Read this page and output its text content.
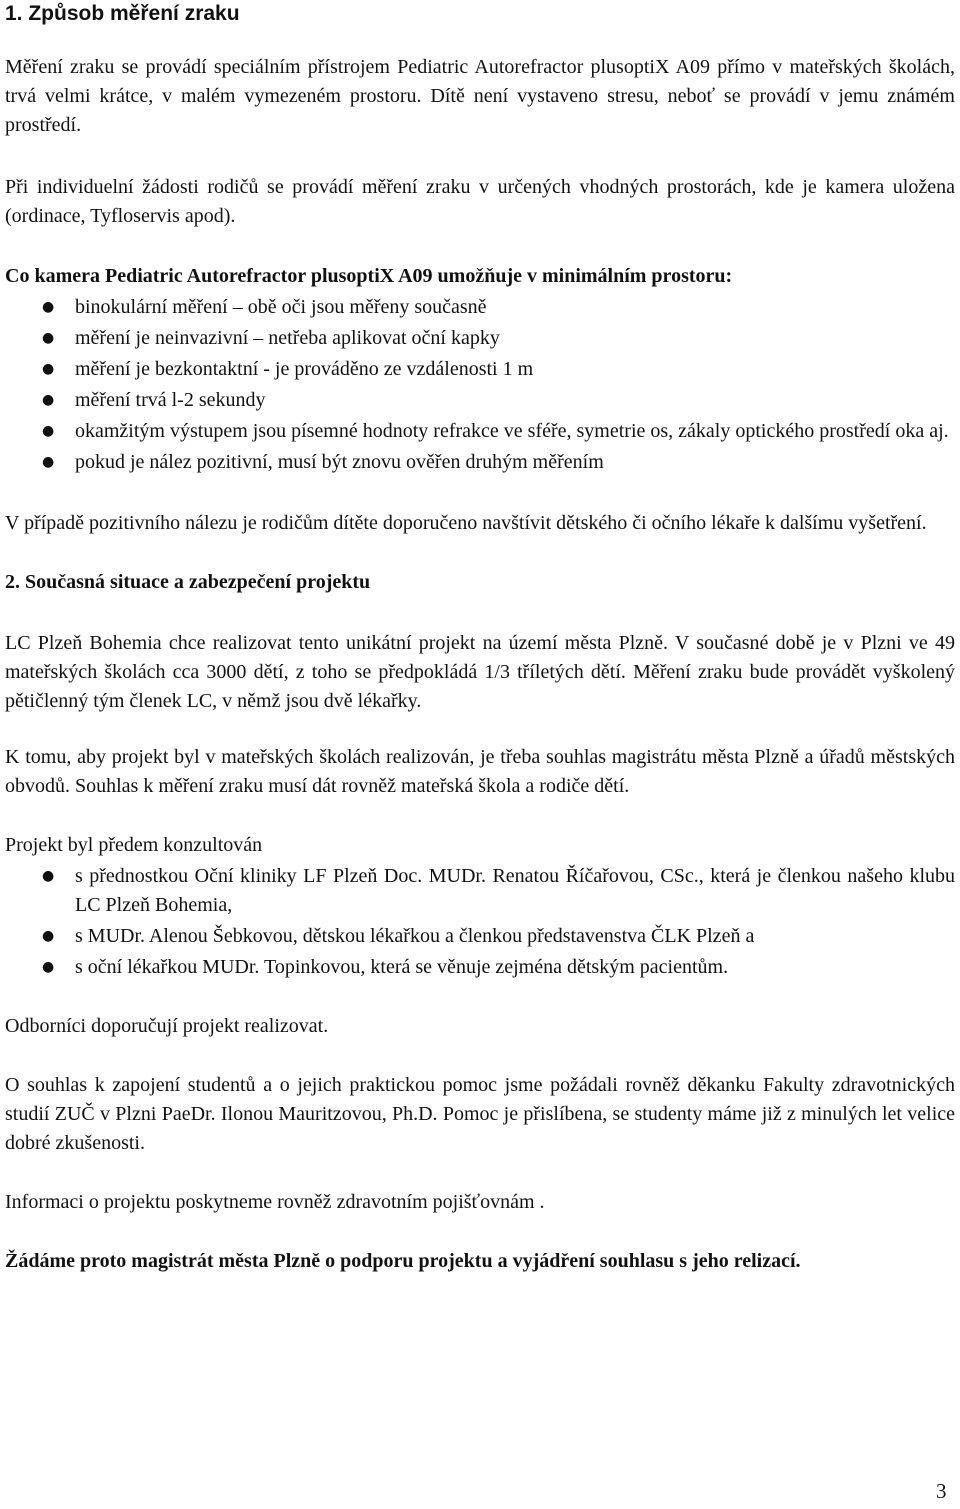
1. Způsob měření zraku

Měření zraku se provádí speciálním přístrojem Pediatric Autorefractor plusoptiX A09 přímo v mateřských školách, trvá velmi krátce, v malém vymezeném prostoru. Dítě není vystaveno stresu, neboť se provádí v jemu známém prostředí.

Při individuelní žádosti rodičů se provádí měření zraku v určených vhodných prostorách, kde je kamera uložena (ordinace, Tyfloservis apod).

Co kamera Pediatric Autorefractor plusoptiX A09 umožňuje v minimálním prostoru:

● binokulární měření – obě oči jsou měřeny současně
● měření je neinvazivní – netřeba aplikovat oční kapky
● měření je bezkontaktní - je prováděno ze vzdálenosti 1 m
● měření trvá l-2 sekundy
● okamžitým výstupem jsou písemné hodnoty refrakce ve sféře, symetrie os, zákaly optického prostředí oka aj.
● pokud je nález pozitivní, musí být znovu ověřen druhým měřením

V případě pozitivního nálezu je rodičům dítěte doporučeno navštívit dětského či očního lékaře k dalšímu vyšetření.

2. Současná situace a zabezpečení projektu

LC Plzeň Bohemia chce realizovat tento unikátní projekt na území města Plzně. V současné době je v Plzni ve 49 mateřských školách cca 3000 dětí, z toho se předpokládá 1/3 tříletých dětí. Měření zraku bude provádět vyškolený pětičlenný tým členek LC, v němž jsou dvě lékařky.

K tomu, aby projekt byl v mateřských školách realizován, je třeba souhlas magistrátu města Plzně a úřadů městských obvodů. Souhlas k měření zraku musí dát rovněž mateřská škola a rodiče dětí.

Projekt byl předem konzultován

● s přednostkou Oční kliniky LF Plzeň Doc. MUDr. Renatou Říčařovou, CSc., která je členkou našeho klubu LC Plzeň Bohemia,
● s MUDr. Alenou Šebkovou, dětskou lékařkou a členkou představenstva ČLK Plzeň a
● s oční lékařkou MUDr. Topinkovou, která se věnuje zejména dětským pacientům.

Odborníci doporučují projekt realizovat.

O souhlas k zapojení studentů a o jejich praktickou pomoc jsme požádali rovněž děkanku Fakulty zdravotnických studií ZUČ v Plzni PaeDr. Ilonou Mauritzovou, Ph.D. Pomoc je přislíbena, se studenty máme již z minulých let velice dobré zkušenosti.

Informaci o projektu poskytneme rovněž zdravotním pojišťovnám .

Žádáme proto magistrát města Plzně o podporu projektu a vyjádření souhlasu s jeho relizací.

3
